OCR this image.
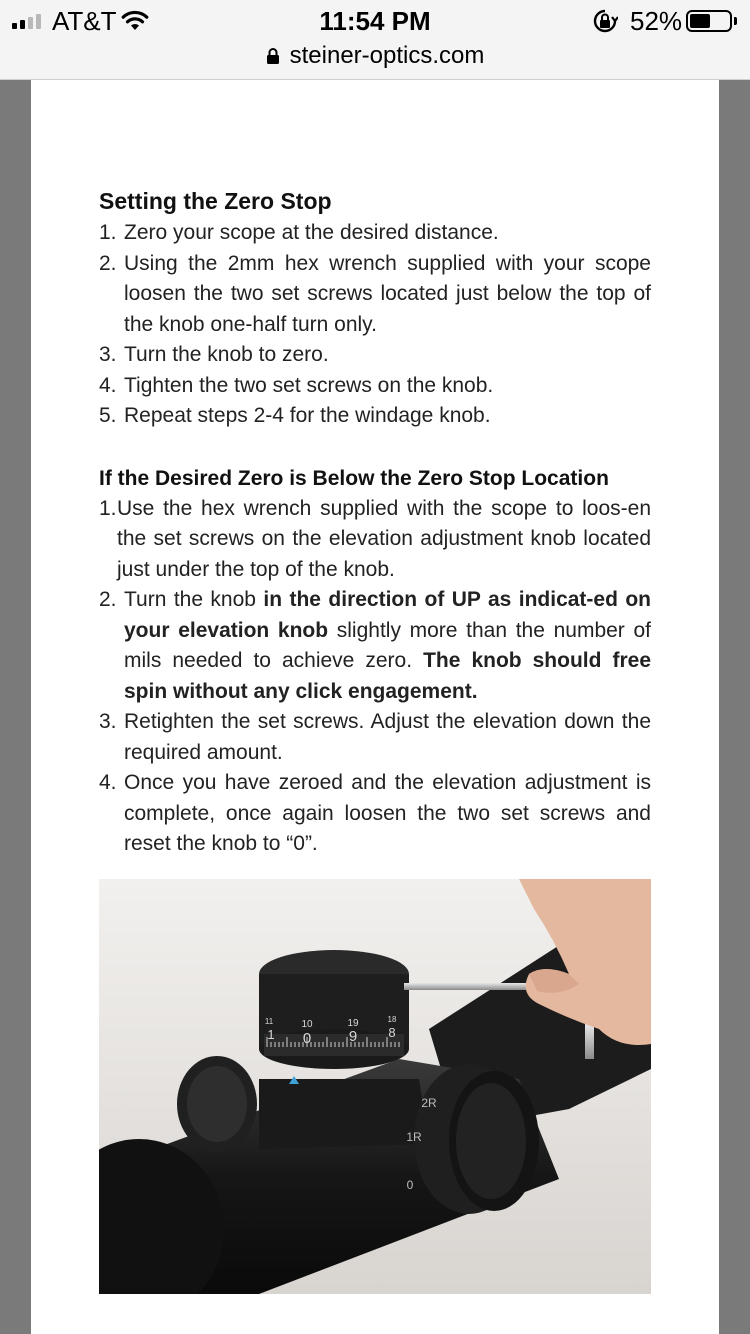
AT&T	11:54 PM	52%
steiner-optics.com
Setting the Zero Stop
1. Zero your scope at the desired distance.
2. Using the 2mm hex wrench supplied with your scope loosen the two set screws located just below the top of the knob one-half turn only.
3. Turn the knob to zero.
4. Tighten the two set screws on the knob.
5. Repeat steps 2-4 for the windage knob.
If the Desired Zero is Below the Zero Stop Location
1. Use the hex wrench supplied with the scope to loos-en the set screws on the elevation adjustment knob located just under the top of the knob.
2. Turn the knob in the direction of UP as indicat-ed on your elevation knob slightly more than the number of mils needed to achieve zero. The knob should free spin without any click engagement.
3. Retighten the set screws. Adjust the elevation down the required amount.
4. Once you have zeroed and the elevation adjustment is complete, once again loosen the two set screws and reset the knob to “0”.
11	10	19	18
1 0	9 8
2R
1R
0
